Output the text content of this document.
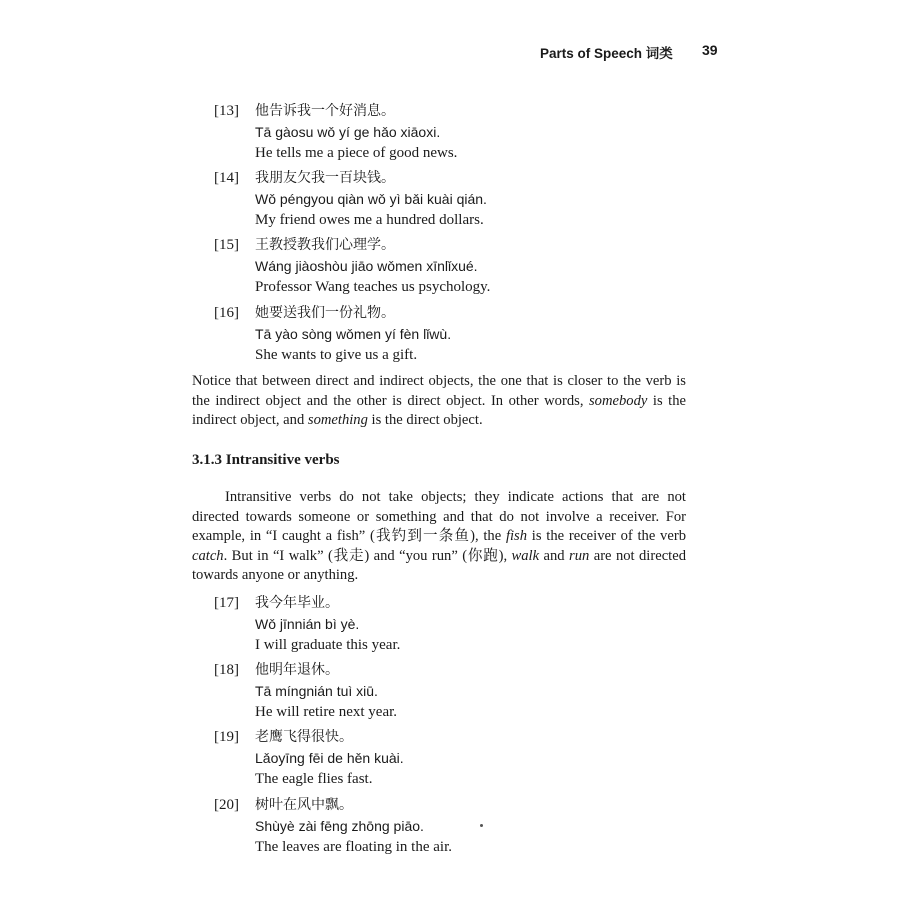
Parts of Speech 词类 39
[13] 他告诉我一个好消息。
Tā gàosu wǒ yí ge hǎo xiāoxi.
He tells me a piece of good news.
[14] 我朋友欠我一百块钱。
Wǒ péngyou qiàn wǒ yì bǎi kuài qián.
My friend owes me a hundred dollars.
[15] 王教授教我们心理学。
Wáng jiàoshòu jiāo wǒmen xīnlǐxué.
Professor Wang teaches us psychology.
[16] 她要送我们一份礼物。
Tā yào sòng wǒmen yí fèn lǐwù.
She wants to give us a gift.

Notice that between direct and indirect objects, the one that is closer to the verb is the indirect object and the other is direct object. In other words, somebody is the indirect object, and something is the direct object.

3.1.3 Intransitive verbs

Intransitive verbs do not take objects; they indicate actions that are not directed towards someone or something and that do not involve a receiver. For example, in “I caught a fish” (我钓到一条鱼), the fish is the receiver of the verb catch. But in “I walk” (我走) and “you run” (你跑), walk and run are not directed towards anyone or anything.

[17] 我今年毕业。
Wǒ jīnnián bì yè.
I will graduate this year.
[18] 他明年退休。
Tā míngnián tuì xiū.
He will retire next year.
[19] 老鹰飞得很快。
Lǎoyīng fēi de hěn kuài.
The eagle flies fast.
[20] 树叶在风中飘。
Shùyè zài fēng zhōng piāo.
The leaves are floating in the air.
